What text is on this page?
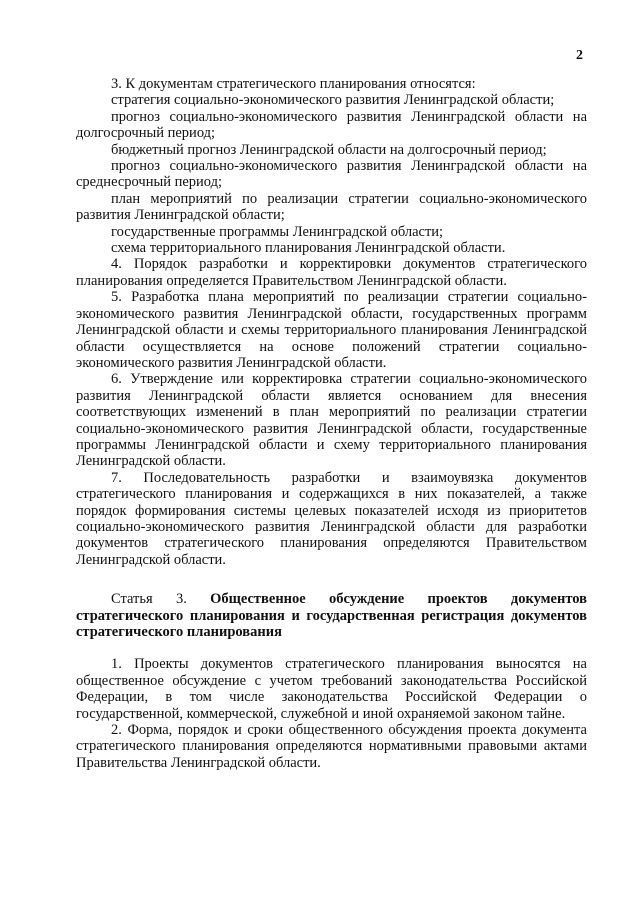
2

3. К документам стратегического планирования относятся:

стратегия социально-экономического развития Ленинградской области;

прогноз социально-экономического развития Ленинградской области на долгосрочный период;

бюджетный прогноз Ленинградской области на долгосрочный период;

прогноз социально-экономического развития Ленинградской области на среднесрочный период;

план мероприятий по реализации стратегии социально-экономического развития Ленинградской области;

государственные программы Ленинградской области;

схема территориального планирования Ленинградской области.

4. Порядок разработки и корректировки документов стратегического планирования определяется Правительством Ленинградской области.

5. Разработка плана мероприятий по реализации стратегии социально-экономического развития Ленинградской области, государственных программ Ленинградской области и схемы территориального планирования Ленинградской области осуществляется на основе положений стратегии социально-экономического развития Ленинградской области.

6. Утверждение или корректировка стратегии социально-экономического развития Ленинградской области является основанием для внесения соответствующих изменений в план мероприятий по реализации стратегии социально-экономического развития Ленинградской области, государственные программы Ленинградской области и схему территориального планирования Ленинградской области.

7. Последовательность разработки и взаимоувязка документов стратегического планирования и содержащихся в них показателей, а также порядок формирования системы целевых показателей исходя из приоритетов социально-экономического развития Ленинградской области для разработки документов стратегического планирования определяются Правительством Ленинградской области.

Статья 3. Общественное обсуждение проектов документов стратегического планирования и государственная регистрация документов стратегического планирования

1. Проекты документов стратегического планирования выносятся на общественное обсуждение с учетом требований законодательства Российской Федерации, в том числе законодательства Российской Федерации о государственной, коммерческой, служебной и иной охраняемой законом тайне.

2. Форма, порядок и сроки общественного обсуждения проекта документа стратегического планирования определяются нормативными правовыми актами Правительства Ленинградской области.
